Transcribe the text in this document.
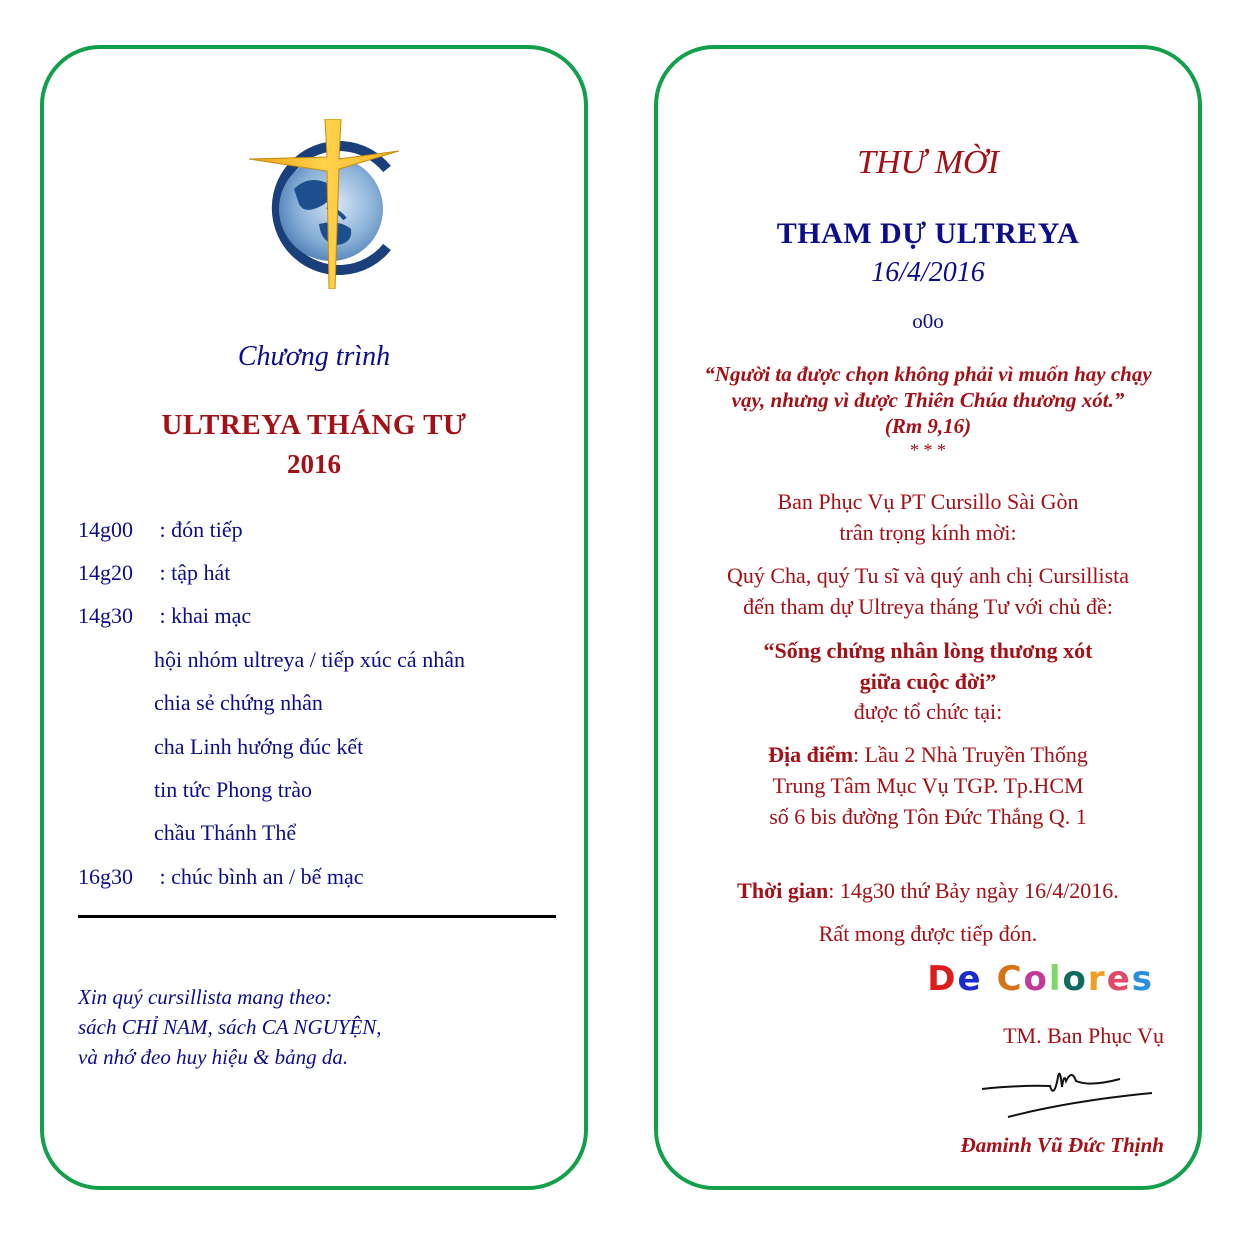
Chương trình
ULTREYA THÁNG TƯ
2016
14g00 : đón tiếp
14g20 : tập hát
14g30 : khai mạc
hội nhóm ultreya / tiếp xúc cá nhân
chia sẻ chứng nhân
cha Linh hướng đúc kết
tin tức Phong trào
chầu Thánh Thể
16g30 : chúc bình an / bế mạc
Xin quý cursillista mang theo:
sách CHỈ NAM, sách CA NGUYỆN,
và nhớ đeo huy hiệu & bảng da.
THƯ MỜI
THAM DỰ ULTREYA
16/4/2016
o0o
“Người ta được chọn không phải vì muốn hay chạy
vạy, nhưng vì được Thiên Chúa thương xót.”
(Rm 9,16)
* * *
Ban Phục Vụ PT Cursillo Sài Gòn
trân trọng kính mời:
Quý Cha, quý Tu sĩ và quý anh chị Cursillista
đến tham dự Ultreya tháng Tư với chủ đề:
“Sống chứng nhân lòng thương xót
giữa cuộc đời”
được tổ chức tại:
Địa điểm: Lầu 2 Nhà Truyền Thống
Trung Tâm Mục Vụ TGP. Tp.HCM
số 6 bis đường Tôn Đức Thắng Q. 1
Thời gian: 14g30 thứ Bảy ngày 16/4/2016.
Rất mong được tiếp đón.
De Colores
TM. Ban Phục Vụ
Đaminh Vũ Đức Thịnh
